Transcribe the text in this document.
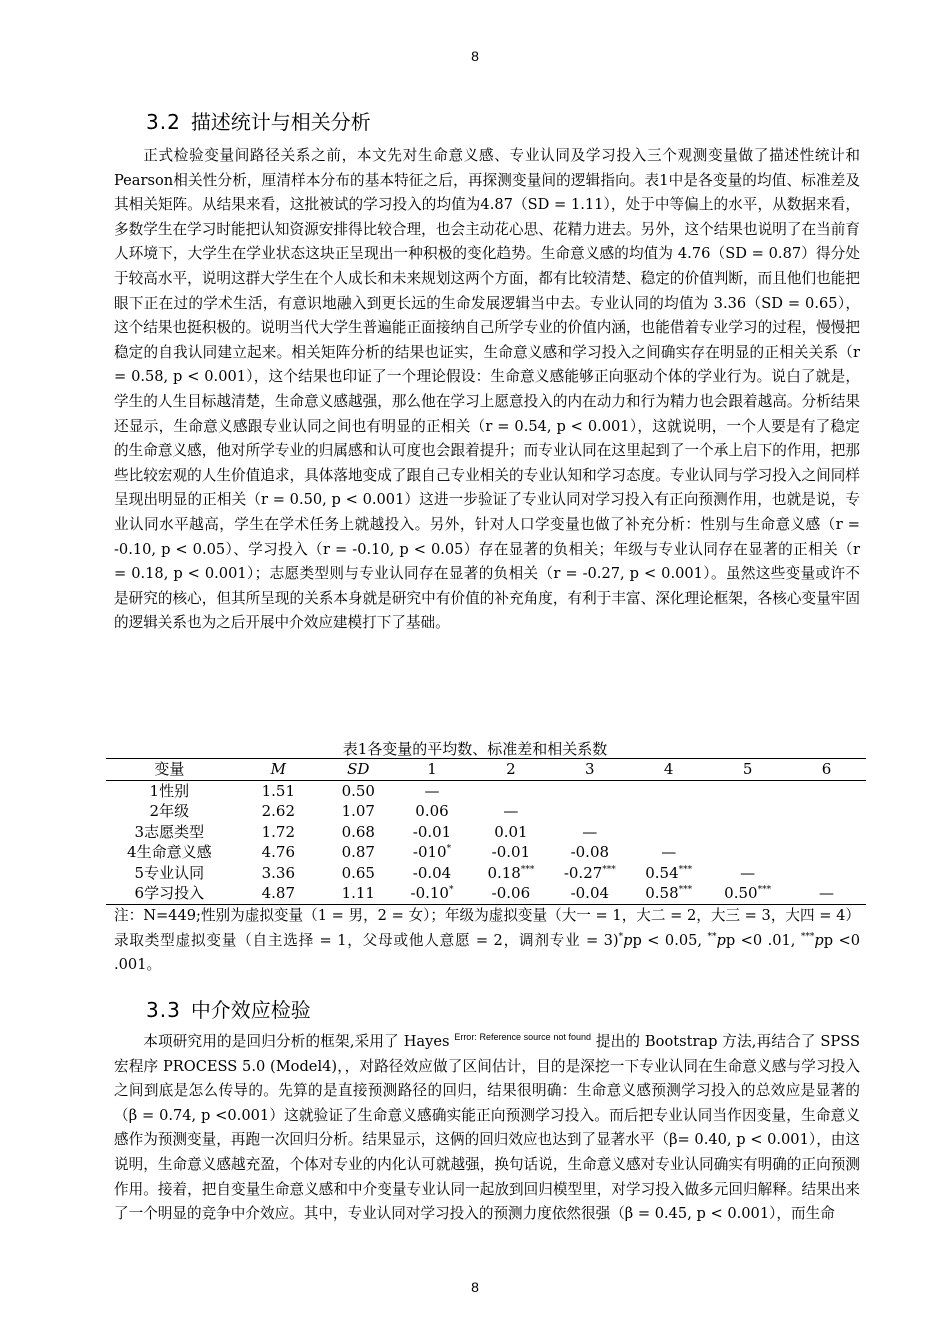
8
3.2 描述统计与相关分析

正式检验变量间路径关系之前，本文先对生命意义感、专业认同及学习投入三个观测变量做了描述性统计和Pearson相关性分析，厘清样本分布的基本特征之后，再探测变量间的逻辑指向。表1中是各变量的均值、标准差及其相关矩阵。从结果来看，这批被试的学习投入的均值为4.87（SD = 1.11），处于中等偏上的水平，从数据来看，多数学生在学习时能把认知资源安排得比较合理，也会主动花心思、花精力进去。另外，这个结果也说明了在当前育人环境下，大学生在学业状态这块正呈现出一种积极的变化趋势。生命意义感的均值为 4.76（SD = 0.87）得分处于较高水平，说明这群大学生在个人成长和未来规划这两个方面，都有比较清楚、稳定的价值判断，而且他们也能把眼下正在过的学术生活，有意识地融入到更长远的生命发展逻辑当中去。专业认同的均值为 3.36（SD = 0.65），这个结果也挺积极的。说明当代大学生普遍能正面接纳自己所学专业的价值内涵，也能借着专业学习的过程，慢慢把稳定的自我认同建立起来。相关矩阵分析的结果也证实，生命意义感和学习投入之间确实存在明显的正相关关系（r = 0.58, p < 0.001），这个结果也印证了一个理论假设：生命意义感能够正向驱动个体的学业行为。说白了就是，学生的人生目标越清楚，生命意义感越强，那么他在学习上愿意投入的内在动力和行为精力也会跟着越高。分析结果还显示，生命意义感跟专业认同之间也有明显的正相关（r = 0.54, p < 0.001），这就说明，一个人要是有了稳定的生命意义感，他对所学专业的归属感和认可度也会跟着提升；而专业认同在这里起到了一个承上启下的作用，把那些比较宏观的人生价值追求，具体落地变成了跟自己专业相关的专业认知和学习态度。专业认同与学习投入之间同样呈现出明显的正相关（r = 0.50, p < 0.001）这进一步验证了专业认同对学习投入有正向预测作用，也就是说，专业认同水平越高，学生在学术任务上就越投入。另外，针对人口学变量也做了补充分析：性别与生命意义感（r = -0.10, p < 0.05）、学习投入（r = -0.10, p < 0.05）存在显著的负相关；年级与专业认同存在显著的正相关（r = 0.18, p < 0.001）；志愿类型则与专业认同存在显著的负相关（r = -0.27, p < 0.001）。虽然这些变量或许不是研究的核心，但其所呈现的关系本身就是研究中有价值的补充角度，有利于丰富、深化理论框架，各核心变量牢固的逻辑关系也为之后开展中介效应建模打下了基础。

表1各变量的平均数、标准差和相关系数
变量	M	SD	1	2	3	4	5	6
1性别	1.51	0.50	—					
2年级	2.62	1.07	0.06	—				
3志愿类型	1.72	0.68	-0.01	0.01	—			
4生命意义感	4.76	0.87	-010*	-0.01	-0.08	—		
5专业认同	3.36	0.65	-0.04	0.18***	-0.27***	0.54***	—	
6学习投入	4.87	1.11	-0.10*	-0.06	-0.04	0.58***	0.50***	—

注：N=449;性别为虚拟变量（1 = 男，2 = 女）；年级为虚拟变量（大一 = 1，大二 = 2，大三 = 3，大四 = 4）录取类型虚拟变量（自主选择 = 1，父母或他人意愿 = 2，调剂专业 = 3)*pp < 0.05, **pp <0 .01, ***pp <0 .001。

3.3 中介效应检验

本项研究用的是回归分析的框架,采用了 Hayes $^{Error: Reference source not found}$ 提出的 Bootstrap 方法,再结合了 SPSS 宏程序 PROCESS 5.0 (Model4)，，对路径效应做了区间估计，目的是深挖一下专业认同在生命意义感与学习投入之间到底是怎么传导的。先算的是直接预测路径的回归，结果很明确：生命意义感预测学习投入的总效应是显著的（β = 0.74, p <0.001）这就验证了生命意义感确实能正向预测学习投入。而后把专业认同当作因变量，生命意义感作为预测变量，再跑一次回归分析。结果显示，这俩的回归效应也达到了显著水平（β= 0.40, p < 0.001），由这说明，生命意义感越充盈，个体对专业的内化认可就越强，换句话说，生命意义感对专业认同确实有明确的正向预测作用。接着，把自变量生命意义感和中介变量专业认同一起放到回归模型里，对学习投入做多元回归解释。结果出来了一个明显的竞争中介效应。其中，专业认同对学习投入的预测力度依然很强（β = 0.45, p < 0.001），而生命

8
